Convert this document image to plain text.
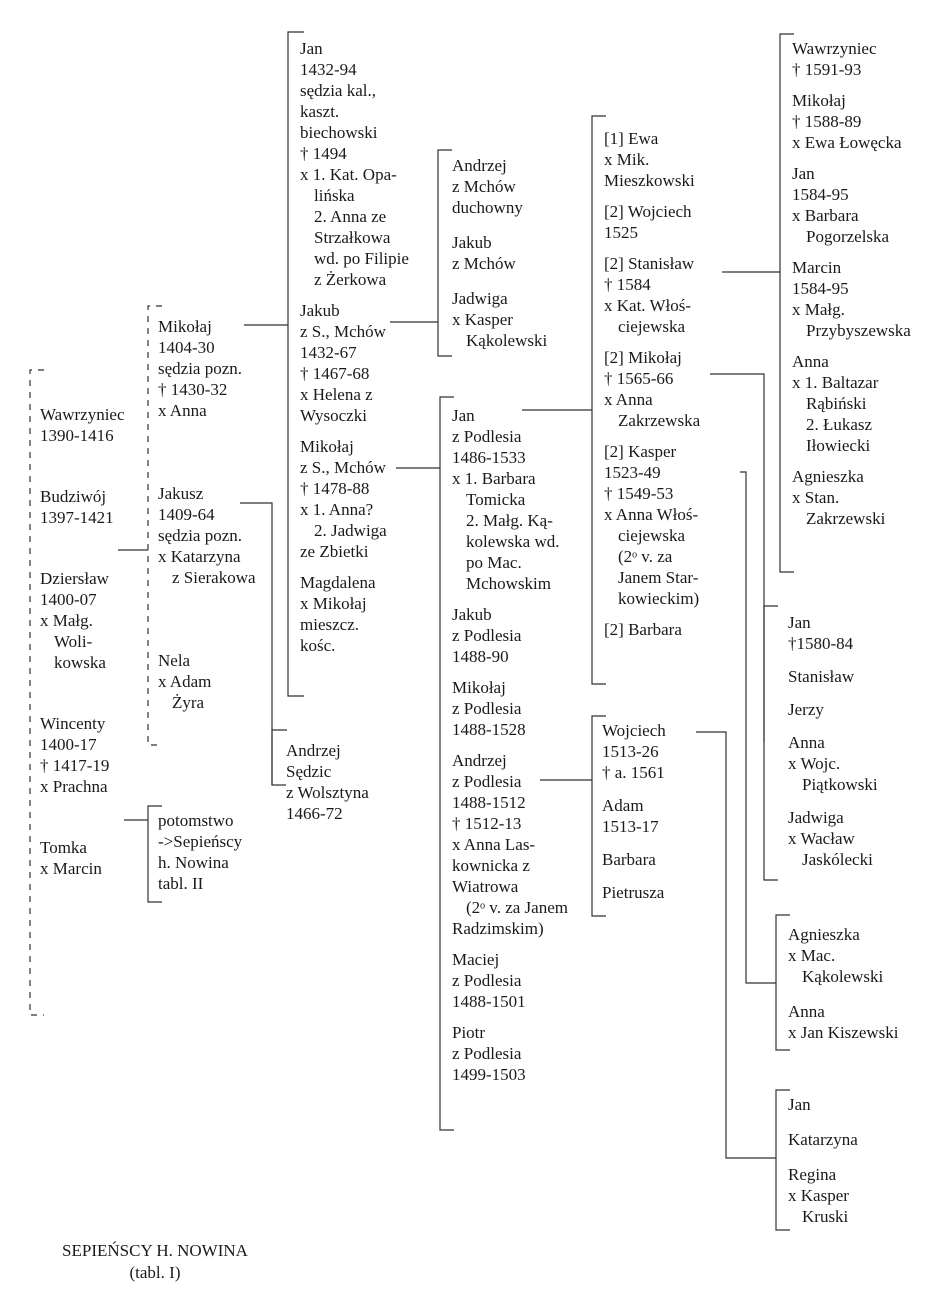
Wawrzyniec
1390-1416
Budziwój
1397-1421
Dziersław
1400-07
x Małg.
Woli-
kowska
Wincenty
1400-17
† 1417-19
x Prachna
Tomka
x Marcin
Mikołaj
1404-30
sędzia pozn.
† 1430-32
x Anna
Jakusz
1409-64
sędzia pozn.
x Katarzyna
z Sierakowa
Nela
x Adam
Żyra
potomstwo
->Sepieńscy
h. Nowina
tabl. II
Jan
1432-94
sędzia kal.,
kaszt.
biechowski
† 1494
x 1. Kat. Opa-
lińska
2. Anna ze
Strzałkowa
wd. po Filipie
z Żerkowa
Jakub
z S., Mchów
1432-67
† 1467-68
x Helena z
Wysoczki
Mikołaj
z S., Mchów
† 1478-88
x 1. Anna?
2. Jadwiga
ze Zbietki
Magdalena
x Mikołaj
mieszcz.
kośc.
Andrzej
Sędzic
z Wolsztyna
1466-72
Andrzej
z Mchów
duchowny
Jakub
z Mchów
Jadwiga
x Kasper
Kąkolewski
Jan
z Podlesia
1486-1533
x 1. Barbara
Tomicka
2. Małg. Ką-
kolewska wd.
po Mac.
Mchowskim
Jakub
z Podlesia
1488-90
Mikołaj
z Podlesia
1488-1528
Andrzej
z Podlesia
1488-1512
† 1512-13
x Anna Las-
kownicka z
Wiatrowa
(2ᵒ v. za Janem
Radzimskim)
Maciej
z Podlesia
1488-1501
Piotr
z Podlesia
1499-1503
[1] Ewa
x Mik.
Mieszkowski
[2] Wojciech
1525
[2] Stanisław
† 1584
x Kat. Włoś-
ciejewska
[2] Mikołaj
† 1565-66
x Anna
Zakrzewska
[2] Kasper
1523-49
† 1549-53
x Anna Włoś-
ciejewska
(2ᵒ v. za
Janem Star-
kowieckim)
[2] Barbara
Wojciech
1513-26
† a. 1561
Adam
1513-17
Barbara
Pietrusza
Wawrzyniec
† 1591-93
Mikołaj
† 1588-89
x Ewa Łowęcka
Jan
1584-95
x Barbara
Pogorzelska
Marcin
1584-95
x Małg.
Przybyszewska
Anna
x 1. Baltazar
Rąbiński
2. Łukasz
Iłowiecki
Agnieszka
x Stan.
Zakrzewski
Jan
†1580-84
Stanisław
Jerzy
Anna
x Wojc.
Piątkowski
Jadwiga
x Wacław
Jaskólecki
Agnieszka
x Mac.
Kąkolewski
Anna
x Jan Kiszewski
Jan
Katarzyna
Regina
x Kasper
Kruski
SEPIEŃSCY H. NOWINA
(tabl. I)
